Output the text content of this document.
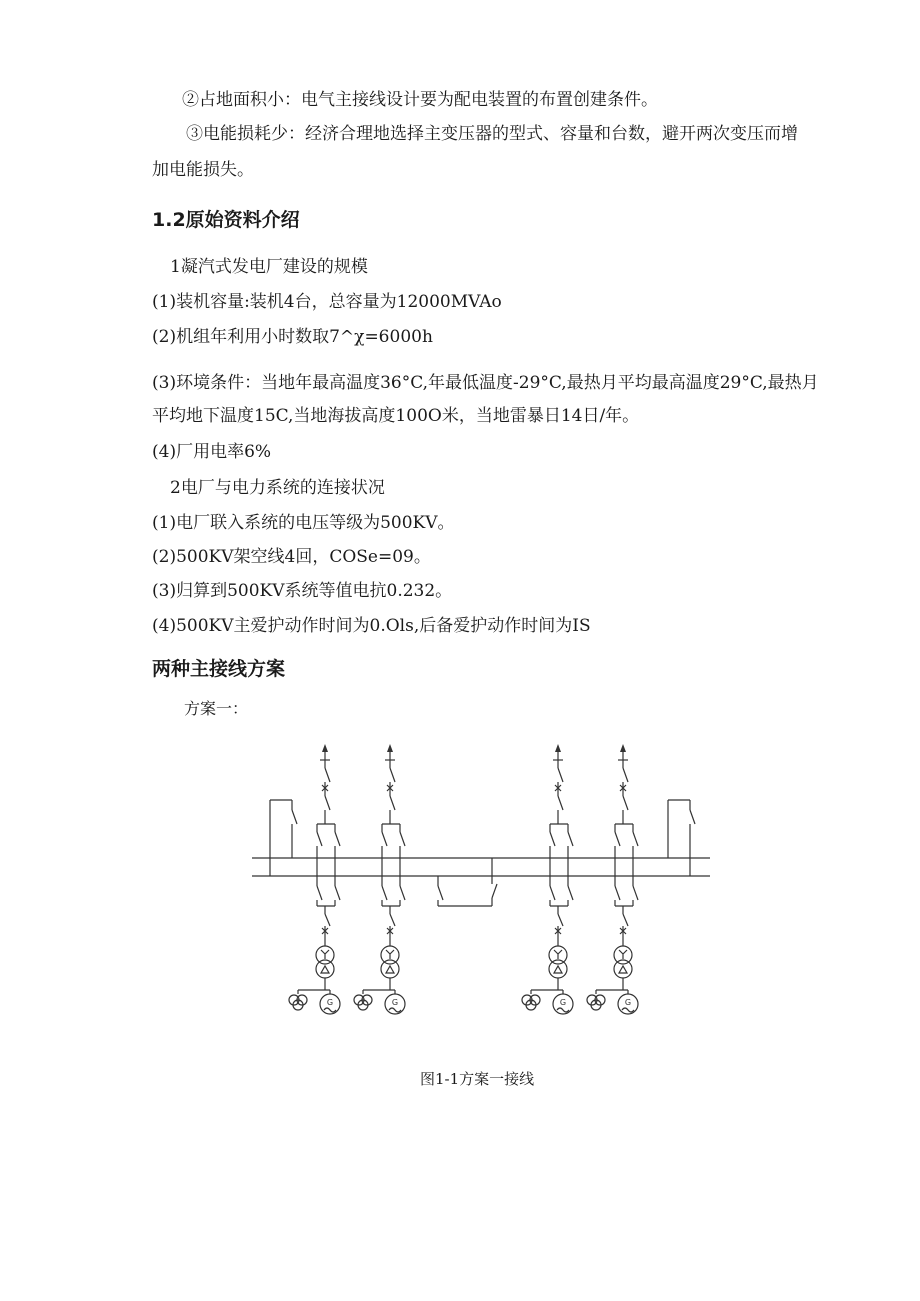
②占地面积小：电气主接线设计要为配电装置的布置创建条件。
③电能损耗少：经济合理地选择主变压器的型式、容量和台数，避开两次变压而增
加电能损失。
1.2原始资料介绍
1凝汽式发电厂建设的规模
(1)装机容量:装机4台，总容量为12000MVAo
(2)机组年利用小时数取7^χ=6000h
(3)环境条件：当地年最高温度36°C,年最低温度-29°C,最热月平均最高温度29°C,最热月
平均地下温度15C,当地海拔高度100O米，当地雷暴日14日/年。
(4)厂用电率6%
2电厂与电力系统的连接状况
(1)电厂联入系统的电压等级为500KV。
(2)500KV架空线4回，COSe=09。
(3)归算到500KV系统等值电抗0.232。
(4)500KV主爱护动作时间为0.Ols,后备爱护动作时间为IS
两种主接线方案
方案一：
G	G	G	G
图1-1方案一接线
